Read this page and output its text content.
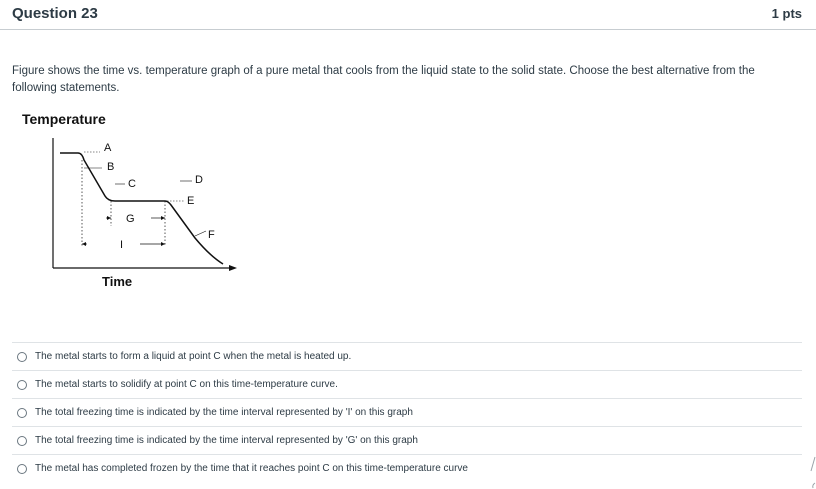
Question 23	1 pts
Figure shows the time vs. temperature graph of a pure metal that cools from the liquid state to the solid state. Choose the best alternative from the following statements.
Temperature
A
B
C	D
E
F
G
I
Time
The metal starts to form a liquid at point C when the metal is heated up.
The metal starts to solidify at point C on this time-temperature curve.
The total freezing time is indicated by the time interval represented by 'I' on this graph
The total freezing time is indicated by the time interval represented by 'G' on this graph
The metal has completed frozen by the time that it reaches point C on this time-temperature curve
